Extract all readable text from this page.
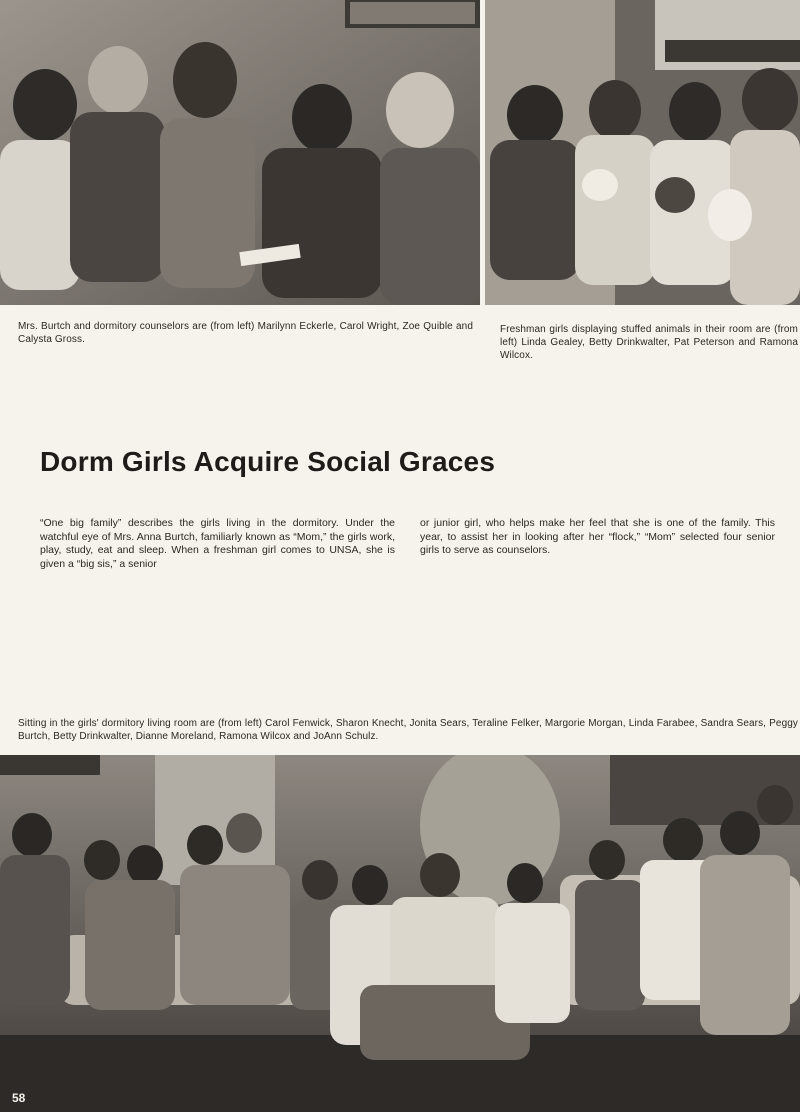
Mrs. Burtch and dormitory counselors are (from left) Marilynn Eckerle, Carol Wright, Zoe Quible and Calysta Gross.
Freshman girls displaying stuffed animals in their room are (from left) Linda Gealey, Betty Drinkwalter, Pat Peterson and Ramona Wilcox.
Dorm Girls Acquire Social Graces
“One big family” describes the girls living in the dormitory. Under the watchful eye of Mrs. Anna Burtch, familiarly known as “Mom,” the girls work, play, study, eat and sleep. When a freshman girl comes to UNSA, she is given a “big sis,” a senior
or junior girl, who helps make her feel that she is one of the family. This year, to assist her in looking after her “flock,” “Mom” selected four senior girls to serve as counselors.
Sitting in the girls' dormitory living room are (from left) Carol Fenwick, Sharon Knecht, Jonita Sears, Teraline Felker, Margorie Morgan, Linda Farabee, Sandra Sears, Peggy Burtch, Betty Drinkwalter, Dianne Moreland, Ramona Wilcox and JoAnn Schulz.
58
